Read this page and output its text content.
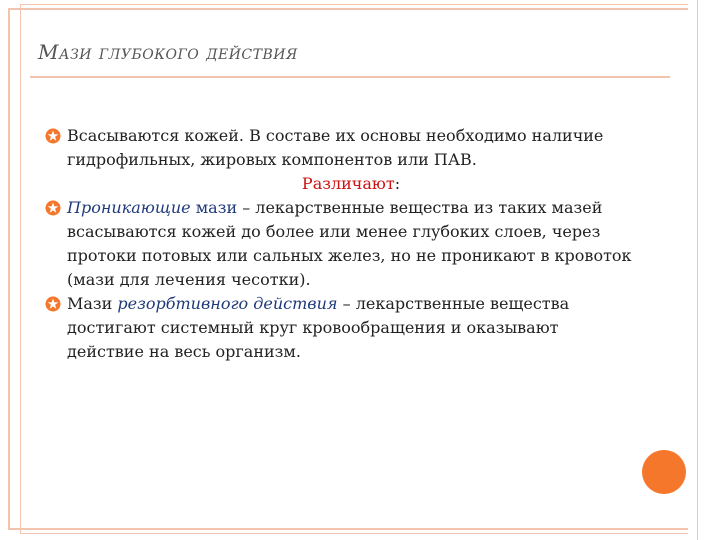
Мази глубокого действия
Всасываются кожей. В составе их основы необходимо наличие гидрофильных, жировых компонентов или ПАВ.
Различают:
Проникающие мази – лекарственные вещества из таких мазей всасываются кожей до более или менее глубоких слоев, через протоки потовых или сальных желез, но не проникают в кровоток (мази для лечения чесотки).
Мази резорбтивного действия – лекарственные вещества достигают системный круг кровообращения и оказывают действие на весь организм.
